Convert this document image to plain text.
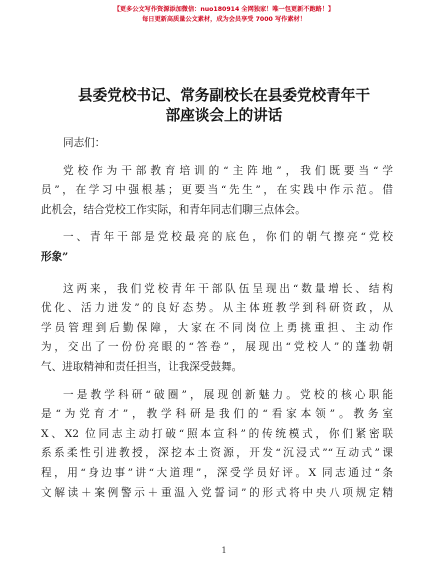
【更多公文写作资源添加微信：nuo180914 全网独家！唯一包更新不跑路！】
每日更新高质量公文素材，成为会员享受 7000 写作素材！
县委党校书记、常务副校长在县委党校青年干
部座谈会上的讲话
同志们：
党校作为干部教育培训的“主阵地”，我们既要当“学
员”，在学习中强根基；更要当“先生”，在实践中作示范。借
此机会，结合党校工作实际，和青年同志们聊三点体会。
一、青年干部是党校最亮的底色，你们的朝气擦亮“党校
形象”
这两来，我们党校青年干部队伍呈现出“数量增长、结构
优化、活力迸发”的良好态势。从主体班教学到科研资政，从
学员管理到后勤保障，大家在不同岗位上勇挑重担、主动作
为，交出了一份份亮眼的“答卷”，展现出“党校人”的蓬勃朝
气、进取精神和责任担当，让我深受鼓舞。
一是教学科研“破圈”，展现创新魅力。党校的核心职能
是“为党育才”，教学科研是我们的“看家本领”。教务室
X、X2 位同志主动打破“照本宣科”的传统模式，你们紧密联
系系柔性引进教授，深挖本土资源，开发“沉浸式”“互动式”课
程，用“身边事”讲“大道理”，深受学员好评。X 同志通过“条
文解读＋案例警示＋重温入党誓词”的形式将中央八项规定精
1
